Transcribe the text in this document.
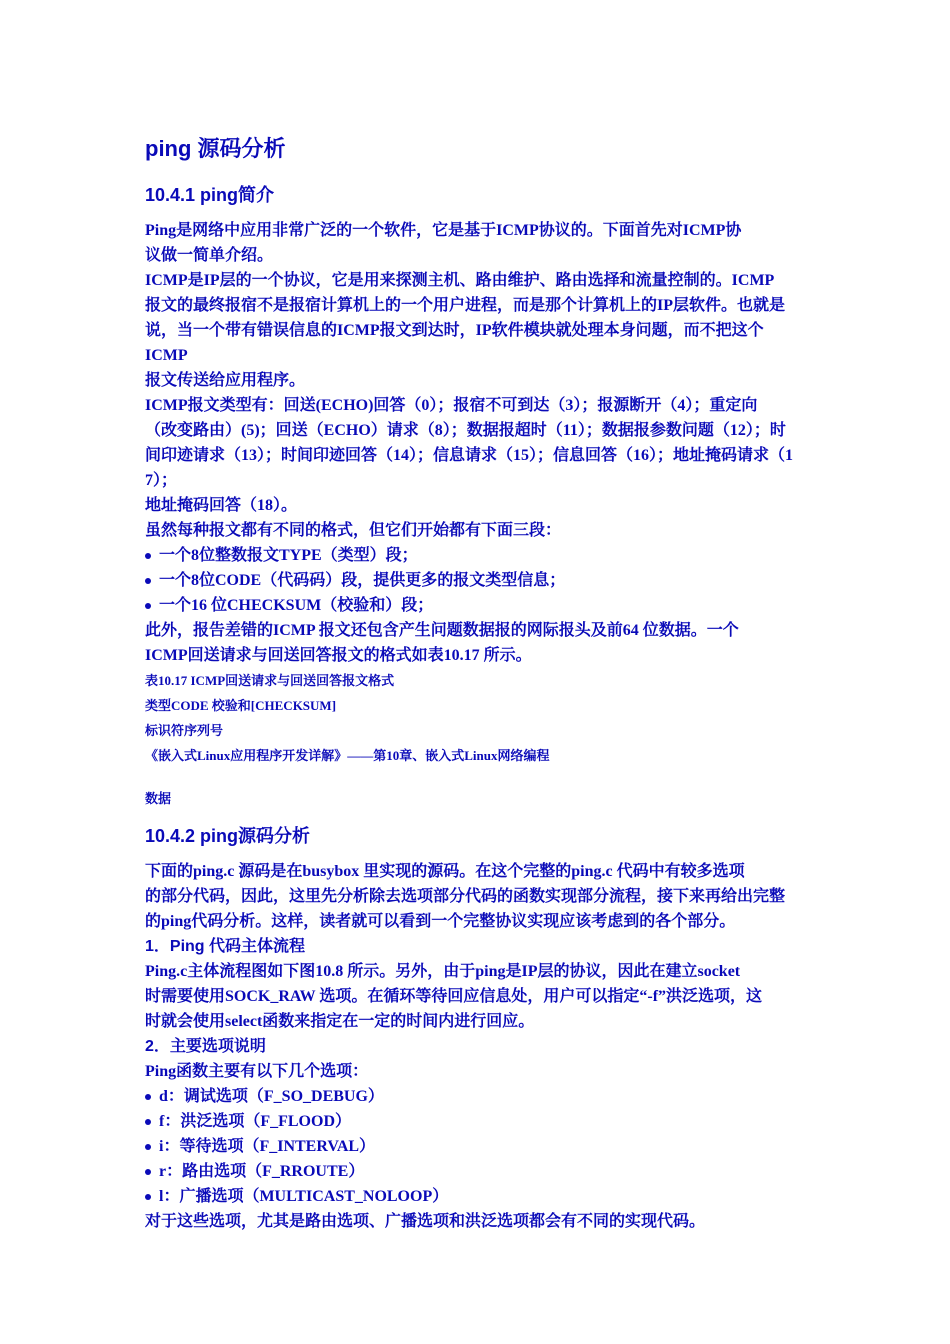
ping 源码分析
10.4.1 ping简介
Ping是网络中应用非常广泛的一个软件，它是基于ICMP协议的。下面首先对ICMP协
议做一简单介绍。
ICMP是IP层的一个协议，它是用来探测主机、路由维护、路由选择和流量控制的。ICMP
报文的最终报宿不是报宿计算机上的一个用户进程，而是那个计算机上的IP层软件。也就是
说，当一个带有错误信息的ICMP报文到达时，IP软件模块就处理本身问题，而不把这个
ICMP
报文传送给应用程序。
ICMP报文类型有：回送(ECHO)回答（0）；报宿不可到达（3）；报源断开（4）；重定向
（改变路由）(5)；回送（ECHO）请求（8）；数据报超时（11）；数据报参数问题（12）；时
间印迹请求（13）；时间印迹回答（14）；信息请求（15）；信息回答（16）；地址掩码请求（17）；
地址掩码回答（18）。
虽然每种报文都有不同的格式，但它们开始都有下面三段：
一个8位整数报文TYPE（类型）段；
一个8位CODE（代码码）段，提供更多的报文类型信息；
一个16 位CHECKSUM（校验和）段；
此外，报告差错的ICMP 报文还包含产生问题数据报的网际报头及前64 位数据。一个
ICMP回送请求与回送回答报文的格式如表10.17 所示。
表10.17 ICMP回送请求与回送回答报文格式
类型CODE 校验和[CHECKSUM]
标识符序列号
《嵌入式Linux应用程序开发详解》——第10章、嵌入式Linux网络编程
数据
10.4.2 ping源码分析
下面的ping.c 源码是在busybox 里实现的源码。在这个完整的ping.c 代码中有较多选项
的部分代码，因此，这里先分析除去选项部分代码的函数实现部分流程，接下来再给出完整
的ping代码分析。这样，读者就可以看到一个完整协议实现应该考虑到的各个部分。
1．Ping 代码主体流程
Ping.c主体流程图如下图10.8 所示。另外，由于ping是IP层的协议，因此在建立socket
时需要使用SOCK_RAW 选项。在循环等待回应信息处，用户可以指定“-f”洪泛选项，这
时就会使用select函数来指定在一定的时间内进行回应。
2．主要选项说明
Ping函数主要有以下几个选项：
d：调试选项（F_SO_DEBUG）
f：洪泛选项（F_FLOOD）
i：等待选项（F_INTERVAL）
r：路由选项（F_RROUTE）
l：广播选项（MULTICAST_NOLOOP）
对于这些选项，尤其是路由选项、广播选项和洪泛选项都会有不同的实现代码。
